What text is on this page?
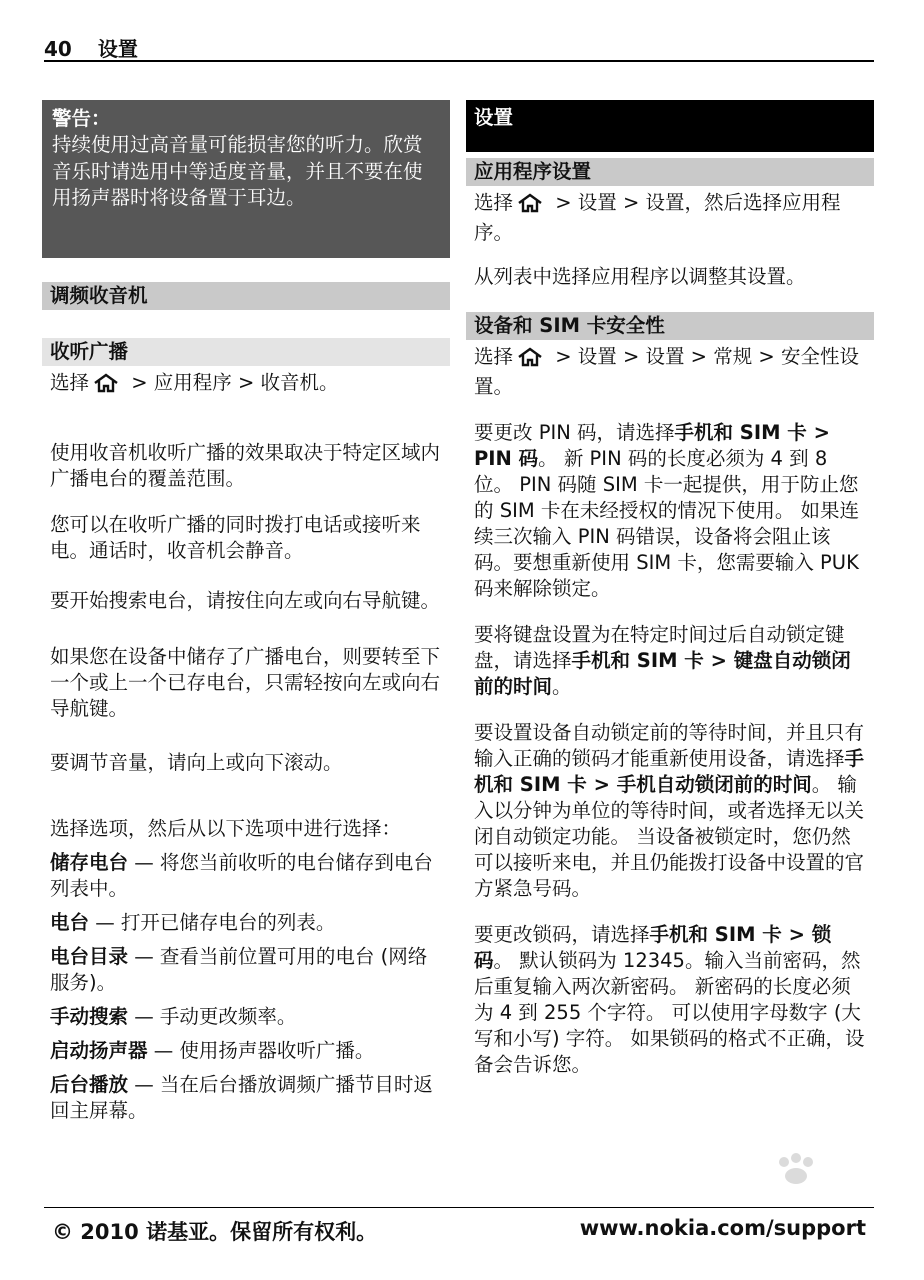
40 设置
警告：
持续使用过高音量可能损害您的听力。欣赏音乐时请选用中等适度音量，并且不要在使用扬声器时将设备置于耳边。
调频收音机
收听广播

选择 > 应用程序 > 收音机。

使用收音机收听广播的效果取决于特定区域内广播电台的覆盖范围。

您可以在收听广播的同时拨打电话或接听来电。通话时，收音机会静音。

要开始搜索电台，请按住向左或向右导航键。

如果您在设备中储存了广播电台，则要转至下一个或上一个已存电台，只需轻按向左或向右导航键。

要调节音量，请向上或向下滚动。

选择选项，然后从以下选项中进行选择：

储存电台 — 将您当前收听的电台储存到电台列表中。

电台 — 打开已储存电台的列表。

电台目录 — 查看当前位置可用的电台 (网络服务)。

手动搜索 — 手动更改频率。

启动扬声器 — 使用扬声器收听广播。

后台播放 — 当在后台播放调频广播节目时返回主屏幕。

设置
应用程序设置

选择 > 设置 > 设置，然后选择应用程序。

从列表中选择应用程序以调整其设置。

设备和 SIM 卡安全性

选择 > 设置 > 设置 > 常规 > 安全性设置。

要更改 PIN 码，请选择手机和 SIM 卡 > PIN 码。 新 PIN 码的长度必须为 4 到 8 位。 PIN 码随 SIM 卡一起提供，用于防止您的 SIM 卡在未经授权的情况下使用。 如果连续三次输入 PIN 码错误，设备将会阻止该码。要想重新使用 SIM 卡，您需要输入 PUK 码来解除锁定。

要将键盘设置为在特定时间过后自动锁定键盘，请选择手机和 SIM 卡 > 键盘自动锁闭前的时间。

要设置设备自动锁定前的等待时间，并且只有输入正确的锁码才能重新使用设备，请选择手机和 SIM 卡 > 手机自动锁闭前的时间。 输入以分钟为单位的等待时间，或者选择无以关闭自动锁定功能。 当设备被锁定时，您仍然可以接听来电，并且仍能拨打设备中设置的官方紧急号码。

要更改锁码，请选择手机和 SIM 卡 > 锁码。 默认锁码为 12345。输入当前密码，然后重复输入两次新密码。 新密码的长度必须为 4 到 255 个字符。 可以使用字母数字 (大写和小写) 字符。 如果锁码的格式不正确，设备会告诉您。

© 2010 诺基亚。保留所有权利。	www.nokia.com/support
